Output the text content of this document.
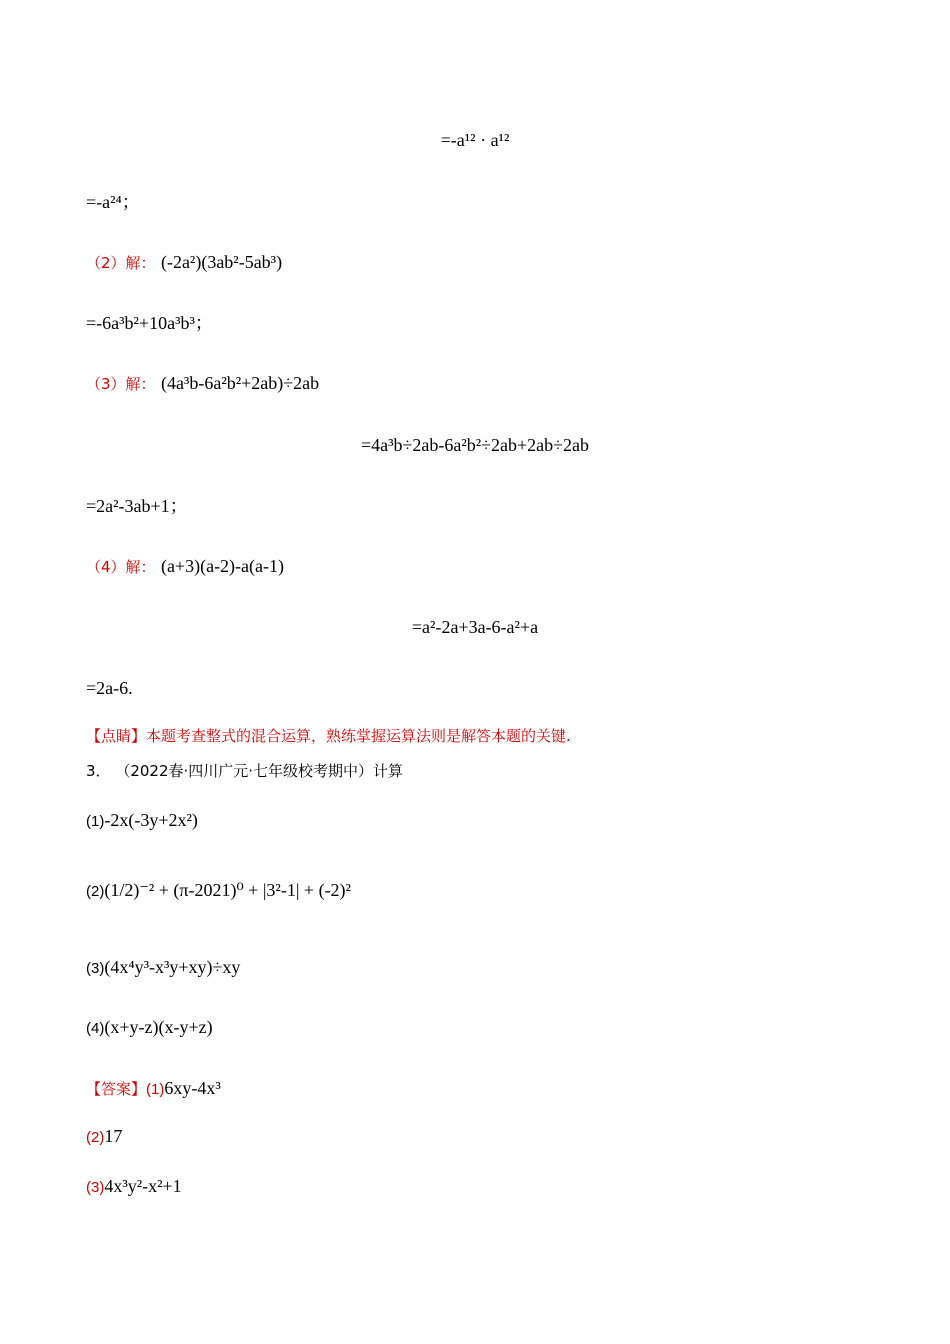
=-a¹² · a¹²
=-a²⁴；
（2）解： (-2a²)(3ab²-5ab³)
=-6a³b²+10a³b³；
（3）解： (4a³b-6a²b²+2ab)÷2ab
=4a³b÷2ab-6a²b²÷2ab+2ab÷2ab
=2a²-3ab+1；
（4）解： (a+3)(a-2)-a(a-1)
=a²-2a+3a-6-a²+a
=2a-6.
【点睛】本题考查整式的混合运算，熟练掌握运算法则是解答本题的关键.
3． （2022春·四川广元·七年级校考期中）计算
(1)-2x(-3y+2x²)
(2)(1/2)⁻² + (π-2021)⁰ + |3²-1| + (-2)²
(3)(4x⁴y³-x³y+xy)÷xy
(4)(x+y-z)(x-y+z)
【答案】(1)6xy-4x³
(2)17
(3)4x³y²-x²+1
